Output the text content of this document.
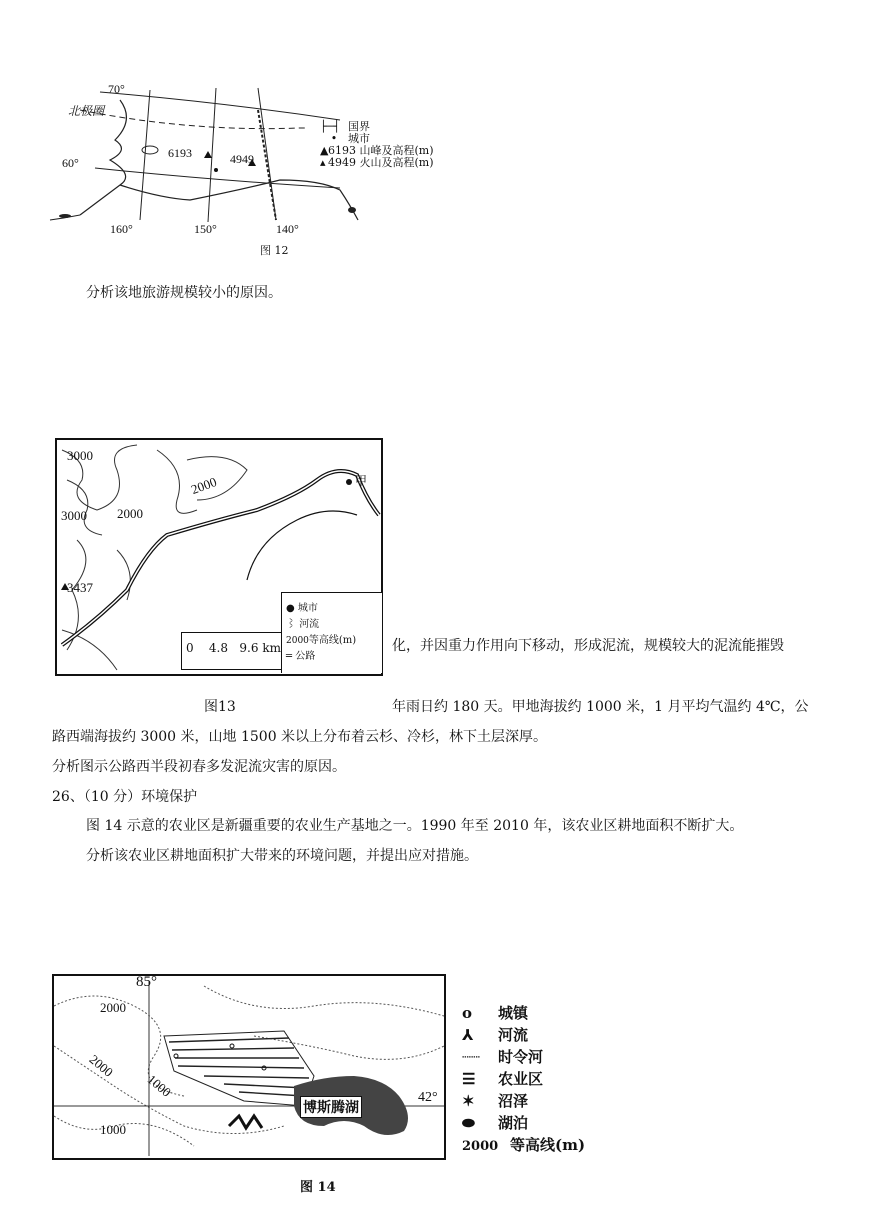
70°
北极圈
60°
6193	4949
160°	150°	140°
├─┤ 国界
• 城市
▲6193 山峰及高程(m)
▴ 4949 火山及高程(m)
图 12
分析该地旅游规模较小的原因。
3000
2000
3000 2000
3437
甲
0    4.8   9.6 km
● 城市
⌇ 河流
2000等高线(m)
═ 公路
化，并因重力作用向下移动，形成泥流，规模较大的泥流能摧毁
图13	年雨日约 180 天。甲地海拔约 1000 米，1 月平均气温约 4℃，公
路西端海拔约 3000 米，山地 1500 米以上分布着云杉、冷杉，林下土层深厚。
分析图示公路西半段初春多发泥流灾害的原因。
26、（10 分）环境保护
图 14 示意的农业区是新疆重要的农业生产基地之一。1990 年至 2010 年，该农业区耕地面积不断扩大。
分析该农业区耕地面积扩大带来的环境问题，并提出应对措施。
85°
42°
2000
2000
1000
1000
博斯腾湖
o 城镇
⅄ 河流
┈┈ 时令河
☰ 农业区
✶ 沼泽
⬬ 湖泊
2000 等高线(m)
图 14
